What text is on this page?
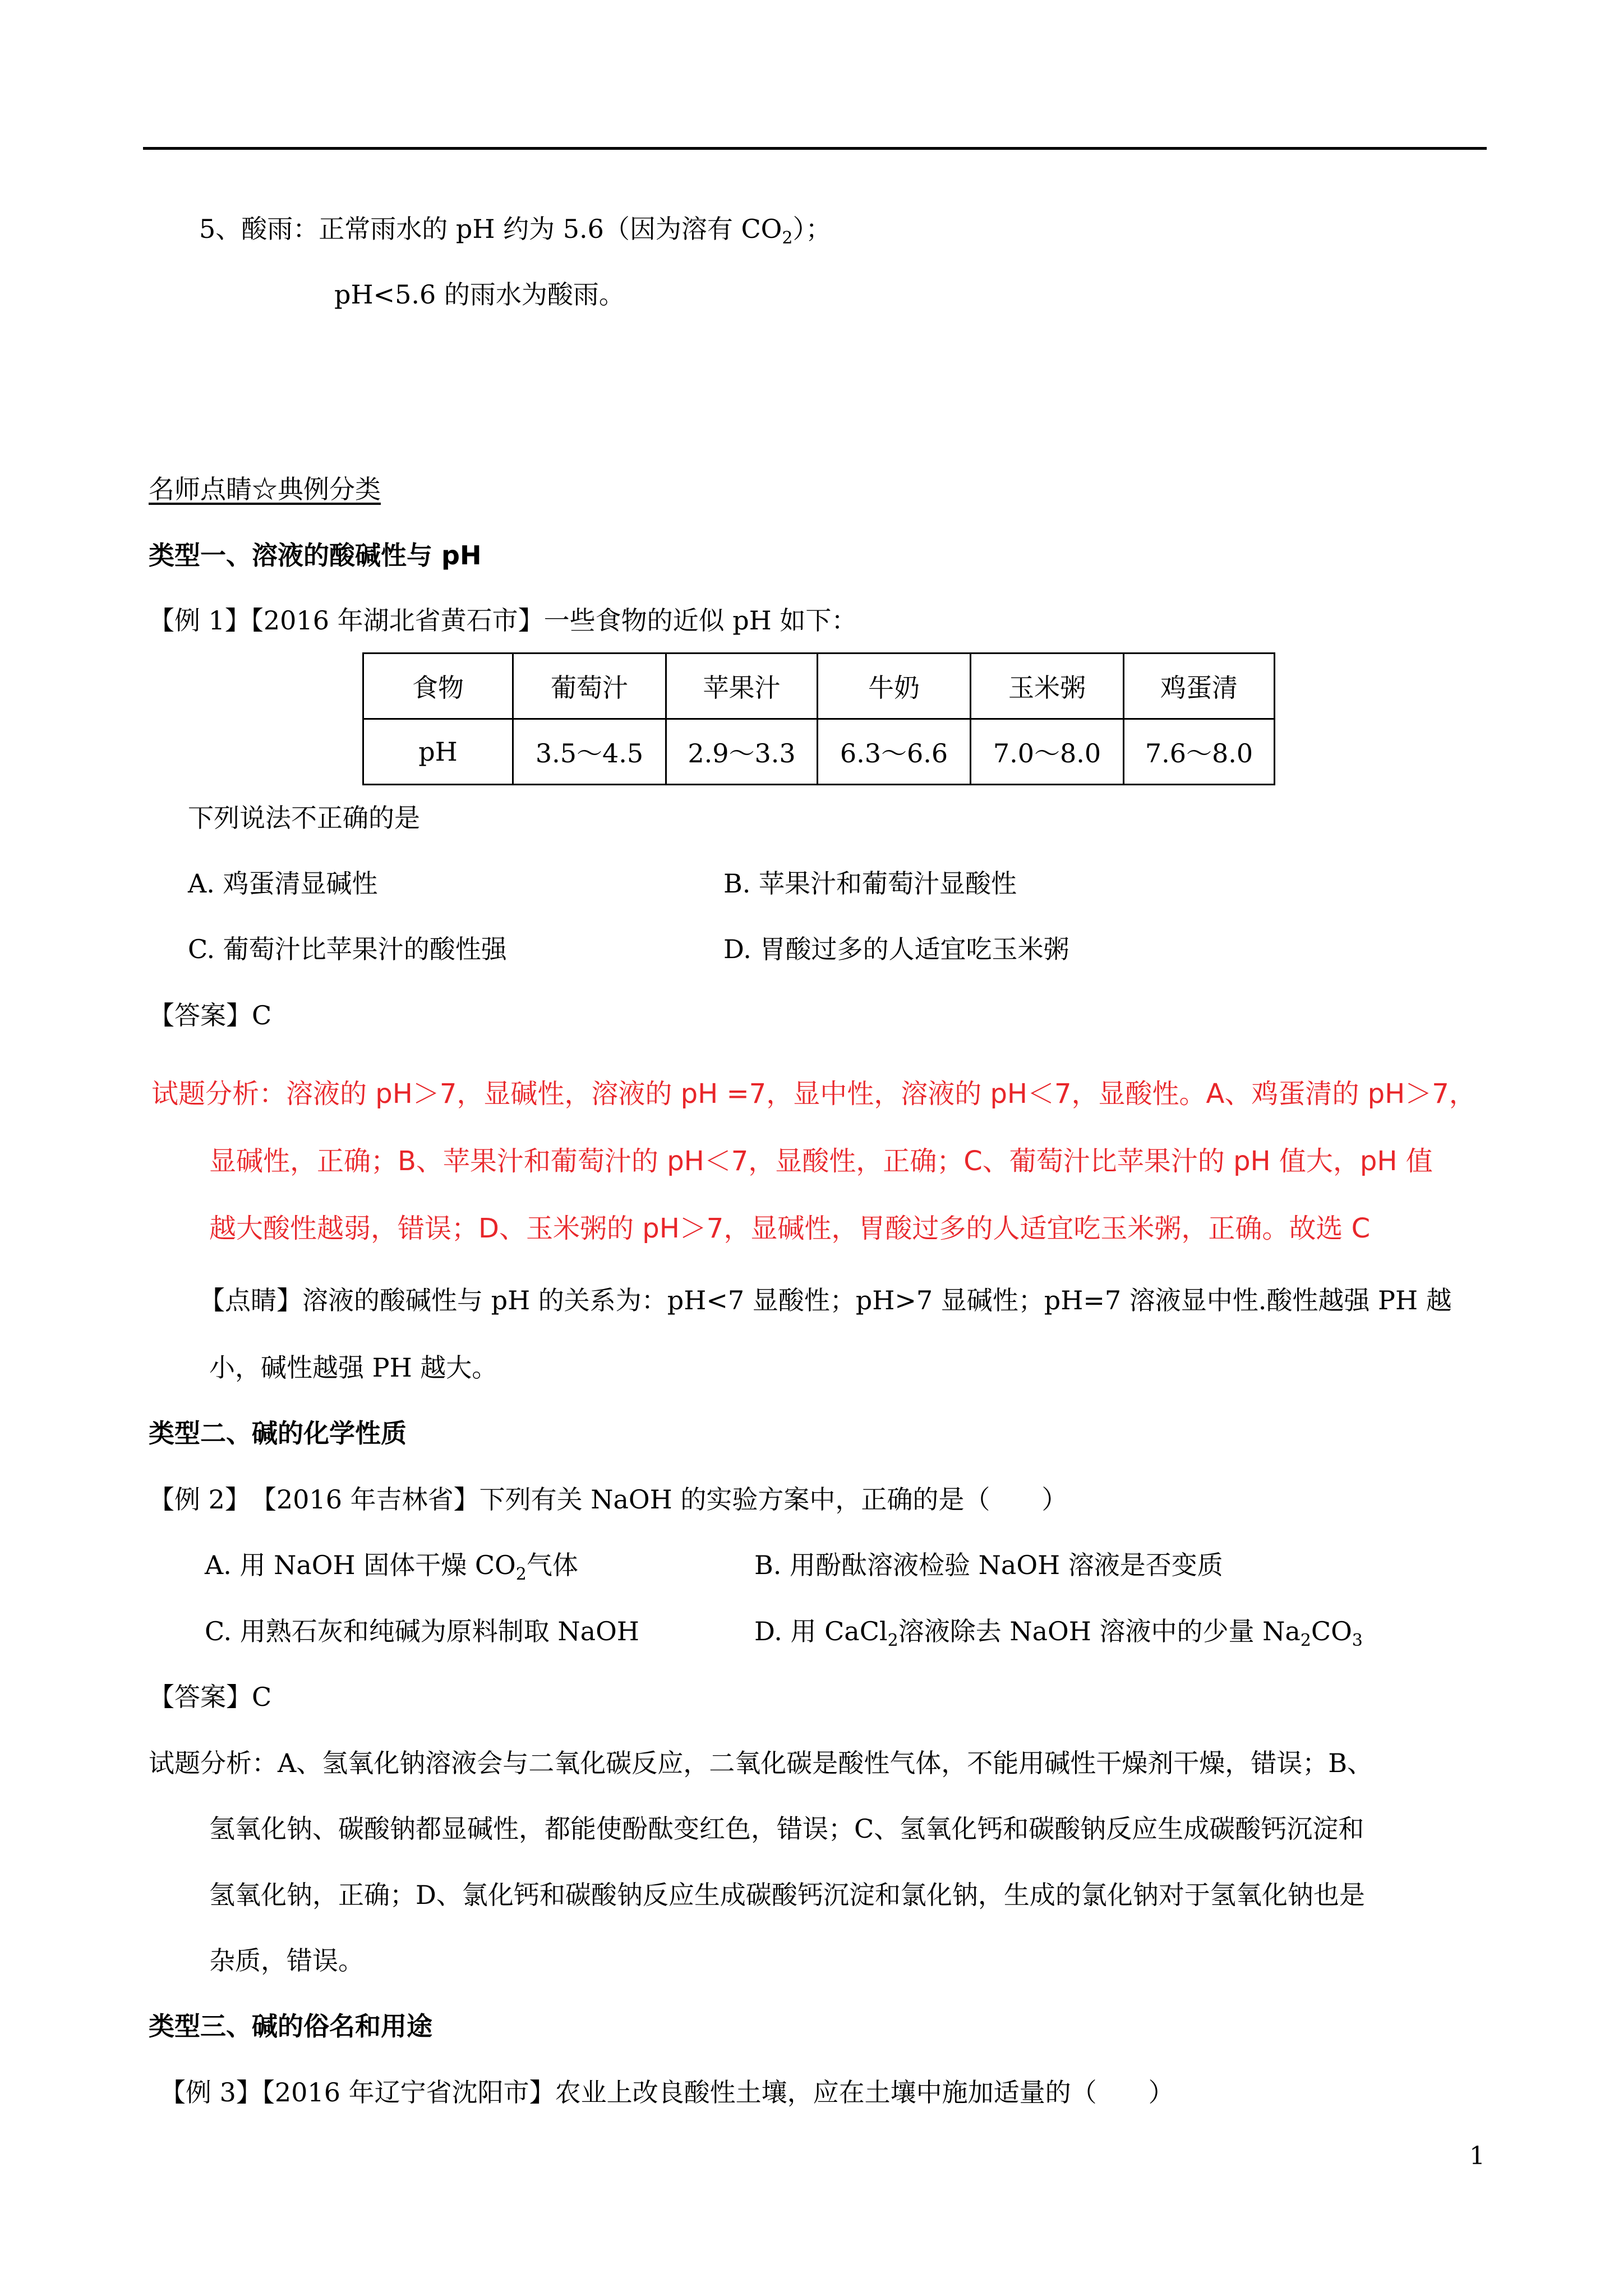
5、酸雨：正常雨水的 pH 约为 5.6（因为溶有 $CO_2$）；
pH<5.6 的雨水为酸雨。
名师点睛☆典例分类
类型一、溶液的酸碱性与 pH
【例 1】【2016 年湖北省黄石市】一些食物的近似 pH 如下：
食物	葡萄汁	苹果汁	牛奶	玉米粥	鸡蛋清
pH	3.5～4.5	2.9～3.3	6.3～6.6	7.0～8.0	7.6～8.0
下列说法不正确的是
A. 鸡蛋清显碱性	B. 苹果汁和葡萄汁显酸性
C. 葡萄汁比苹果汁的酸性强	D. 胃酸过多的人适宜吃玉米粥
【答案】C
试题分析：溶液的 pH＞7，显碱性，溶液的 pH =7，显中性，溶液的 pH＜7，显酸性。A、鸡蛋清的 pH＞7，
显碱性，正确；B、苹果汁和葡萄汁的 pH＜7，显酸性，正确；C、葡萄汁比苹果汁的 pH 值大，pH 值
越大酸性越弱，错误；D、玉米粥的 pH＞7，显碱性，胃酸过多的人适宜吃玉米粥，正确。故选 C
【点睛】溶液的酸碱性与 pH 的关系为：pH<7 显酸性；pH>7 显碱性；pH=7 溶液显中性.酸性越强 PH 越
小，碱性越强 PH 越大。
类型二、碱的化学性质
【例 2】　【2016 年吉林省】下列有关 NaOH 的实验方案中，正确的是（　　）
A. 用 NaOH 固体干燥 $CO_2$气体	B. 用酚酞溶液检验 NaOH 溶液是否变质
C. 用熟石灰和纯碱为原料制取 NaOH	D. 用 CaCl$_2$溶液除去 NaOH 溶液中的少量 $Na_2CO_3$
【答案】C
试题分析：A、氢氧化钠溶液会与二氧化碳反应，二氧化碳是酸性气体，不能用碱性干燥剂干燥，错误；B、
氢氧化钠、碳酸钠都显碱性，都能使酚酞变红色，错误；C、氢氧化钙和碳酸钠反应生成碳酸钙沉淀和
氢氧化钠，正确；D、氯化钙和碳酸钠反应生成碳酸钙沉淀和氯化钠，生成的氯化钠对于氢氧化钠也是
杂质，错误。
类型三、碱的俗名和用途
【例 3】【2016 年辽宁省沈阳市】农业上改良酸性土壤，应在土壤中施加适量的（　　）
1
